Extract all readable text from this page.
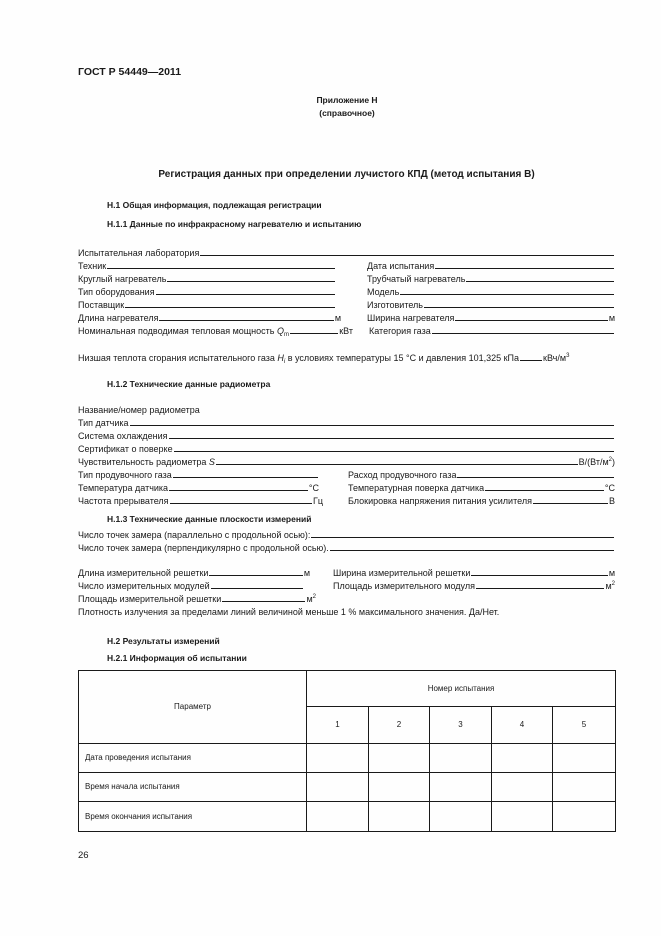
ГОСТ Р 54449—2011
Приложение Н
(справочное)
Регистрация данных при определении лучистого КПД (метод испытания В)
Н.1 Общая информация, подлежащая регистрации
Н.1.1 Данные по инфракрасному нагревателю и испытанию
Испытательная лаборатория
Техник	Дата испытания
Круглый нагреватель	Трубчатый нагреватель
Тип оборудования	Модель
Поставщик	Изготовитель
Длина нагревателя	м	Ширина нагревателя	м
Номинальная подводимая тепловая мощность $Q_m$	кВт Категория газа
Низшая теплота сгорания испытательного газа $H_i$ в условиях температуры 15 °С и давления 101,325 кПа	кВч/$м^3$
Н.1.2 Технические данные радиометра
Название/номер радиометра
Тип датчика
Система охлаждения
Сертификат о поверке
Чувствительность радиометра S	$В/(Вт/м^2)$
Тип продувочного газа	Расход продувочного газа
Температура датчика	°С	Температурная поверка датчика	°С
Частота прерывателя	Гц	Блокировка напряжения питания усилителя	В
Н.1.3 Технические данные плоскости измерений
Число точек замера (параллельно с продольной осью):
Число точек замера (перпендикулярно с продольной осью).
Длина измерительной решетки	м	Ширина измерительной решетки	м
Число измерительных модулей	Площадь измерительного модуля	$м^2$
Площадь измерительной решетки	$м^2$
Плотность излучения за пределами линий величиной меньше 1 % максимального значения. Да/Нет.
Н.2 Результаты измерений
Н.2.1 Информация об испытании
Параметр	Номер испытания				
	1	2	3	4	5
Дата проведения испытания					
Время начала испытания					
Время окончания испытания					
26
